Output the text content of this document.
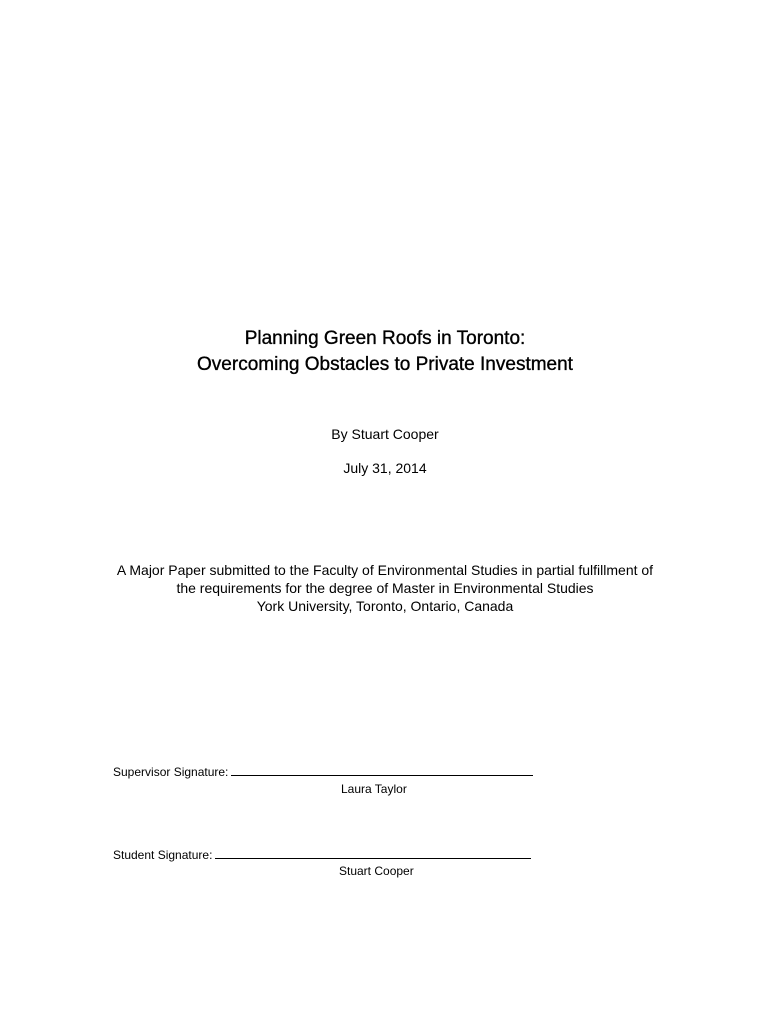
Planning Green Roofs in Toronto:
Overcoming Obstacles to Private Investment
By Stuart Cooper
July 31, 2014
A Major Paper submitted to the Faculty of Environmental Studies in partial fulfillment of
the requirements for the degree of Master in Environmental Studies
York University, Toronto, Ontario, Canada
Supervisor Signature:
Laura Taylor
Student Signature:
Stuart Cooper
